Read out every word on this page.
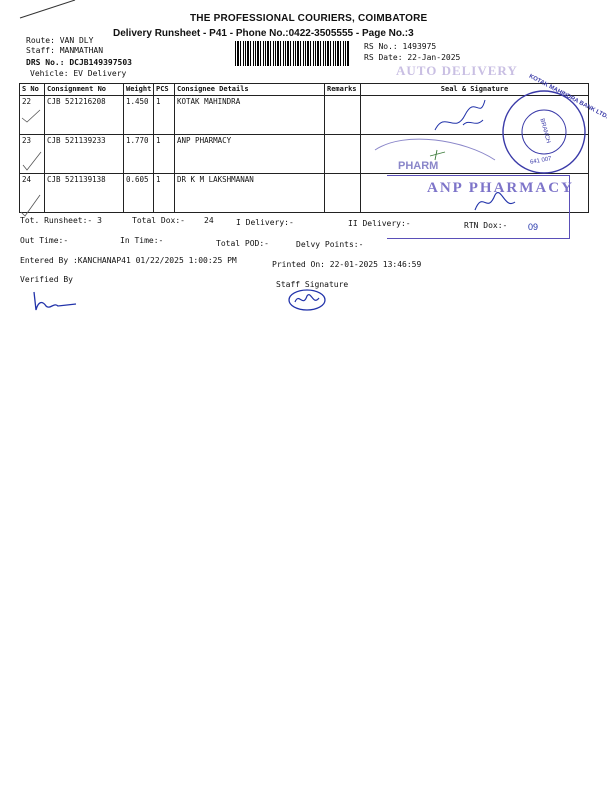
THE PROFESSIONAL COURIERS, COIMBATORE
Delivery Runsheet - P41 - Phone No.:0422-3505555 - Page No.:3
Route: VAN DLY
Staff: MANMATHAN
DRS No.: DCJB149397503
Vehicle: EV Delivery
RS No.: 1493975
RS Date: 22-Jan-2025
AUTO DELIVERY
S No	Consignment No	Weight	PCS	Consignee Details	Remarks	Seal & Signature
22	CJB 521216208	1.450	1	KOTAK MAHINDRA		
23	CJB 521139233	1.770	1	ANP PHARMACY		
24	CJB 521139138	0.605	1	DR K M LAKSHMANAN		
KOTAK MAHINDRA BANK LTD.
BRANCH
641 007
PHARM
ANP PHARMACY
Tot. Runsheet:- 3	Total Dox:- 24	I Delivery:-	II Delivery:-	RTN Dox:- 09
Out Time:-	In Time:-	Total POD:-	Delvy Points:-
Entered By :KANCHANAP41 01/22/2025 1:00:25 PM	Printed On: 22-01-2025 13:46:59
Verified By
Staff Signature
